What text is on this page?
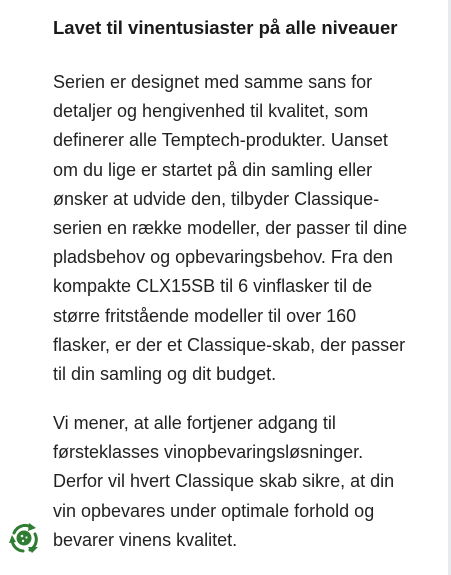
Lavet til vinentusiaster på alle niveauer

Serien er designet med samme sans for
detaljer og hengivenhed til kvalitet, som
definerer alle Temptech-produkter. Uanset
om du lige er startet på din samling eller
ønsker at udvide den, tilbyder Classique-
serien en række modeller, der passer til dine
pladsbehov og opbevaringsbehov. Fra den
kompakte CLX15SB til 6 vinflasker til de
større fritstående modeller til over 160
flasker, er der et Classique-skab, der passer
til din samling og dit budget.

Vi mener, at alle fortjener adgang til
førsteklasses vinopbevaringsløsninger.
Derfor vil hvert Classique skab sikre, at din
vin opbevares under optimale forhold og
bevarer vinens kvalitet.
